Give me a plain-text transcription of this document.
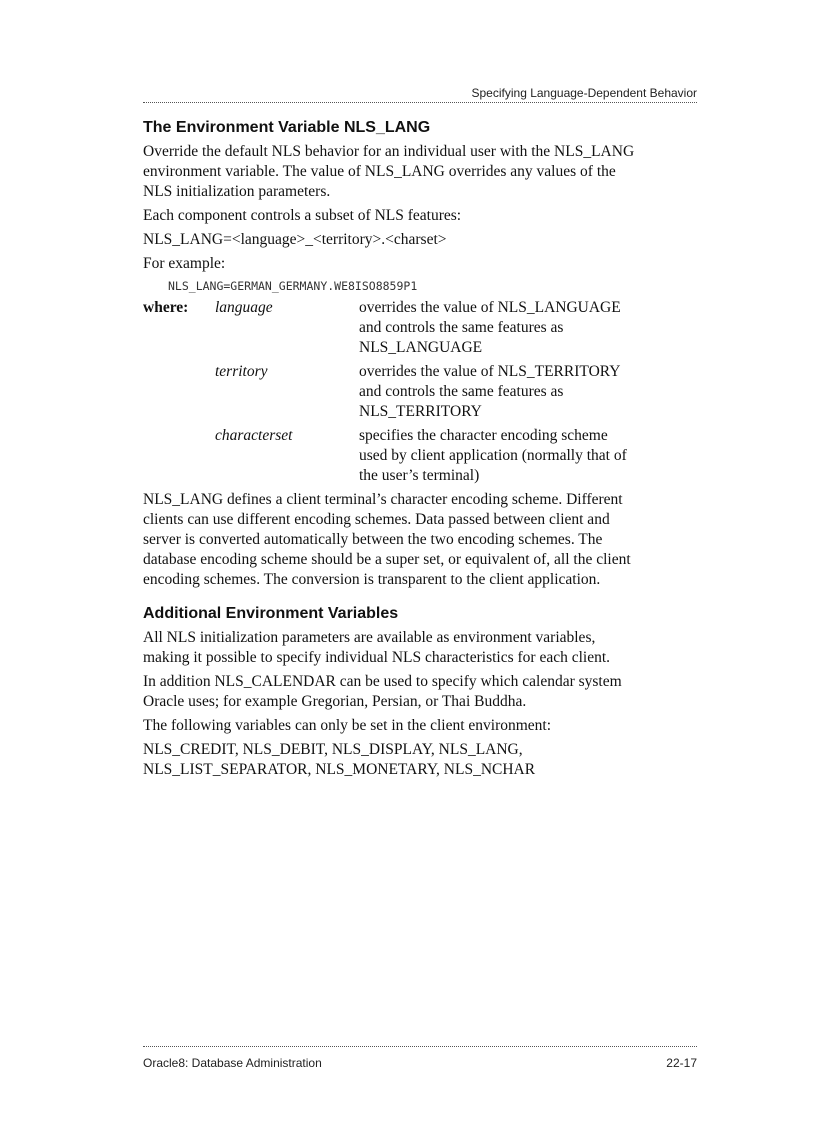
Specifying Language-Dependent Behavior
The Environment Variable NLS_LANG

Override the default NLS behavior for an individual user with the NLS_LANG environment variable. The value of NLS_LANG overrides any values of the NLS initialization parameters.

Each component controls a subset of NLS features:

NLS_LANG=<language>_<territory>.<charset>

For example:

NLS_LANG=GERMAN_GERMANY.WE8ISO8859P1
where:	language	overrides the value of NLS_LANGUAGE and controls the same features as NLS_LANGUAGE
territory	overrides the value of NLS_TERRITORY and controls the same features as NLS_TERRITORY
characterset	specifies the character encoding scheme used by client application (normally that of the user’s terminal)

NLS_LANG defines a client terminal’s character encoding scheme. Different clients can use different encoding schemes. Data passed between client and server is converted automatically between the two encoding schemes. The database encoding scheme should be a super set, or equivalent of, all the client encoding schemes. The conversion is transparent to the client application.

Additional Environment Variables

All NLS initialization parameters are available as environment variables, making it possible to specify individual NLS characteristics for each client.

In addition NLS_CALENDAR can be used to specify which calendar system Oracle uses; for example Gregorian, Persian, or Thai Buddha.

The following variables can only be set in the client environment:

NLS_CREDIT, NLS_DEBIT, NLS_DISPLAY, NLS_LANG, NLS_LIST_SEPARATOR, NLS_MONETARY, NLS_NCHAR

Oracle8: Database Administration	22-17
